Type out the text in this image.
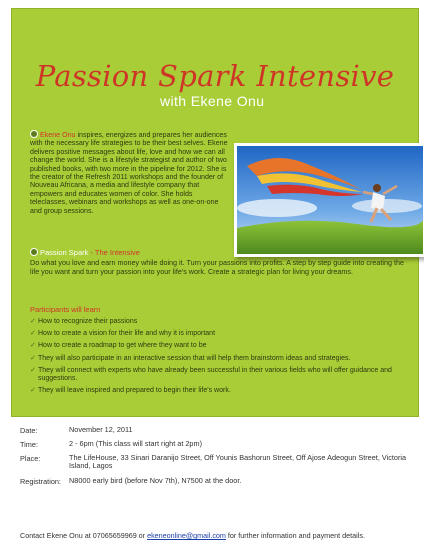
Passion Spark Intensive
with Ekene Onu
Ekene Onu inspires, energizes and prepares her audiences with the necessary life strategies to be their best selves. Ekene delivers positive messages about life, love and how we can all change the world. She is a lifestyle strategist and author of two published books, with two more in the pipeline for 2012. She is the creator of the Refresh 2011 workshops and the founder of Nouveau Africana, a media and lifestyle company that empowers and educates women of color. She holds teleclasses, webinars and workshops as well as one-on-one and group sessions.
Passion Spark - The Intensive
Do what you love and earn money while doing it. Turn your passions into profits. A step by step guide into creating the life you want and turn your passion into your life's work. Create a strategic plan for living your dreams.
Participants will learn
✓ How to recognize their passions
✓ How to create a vision for their life and why it is important
✓ How to create a roadmap to get where they want to be
✓ They will also participate in an interactive session that will help them brainstorm ideas and strategies.
✓ They will connect with experts who have already been successful in their various fields who will offer guidance and suggestions.
✓ They will leave inspired and prepared to begin their life's work.
Date:	November 12, 2011
Time:	2 - 6pm (This class will start right at 2pm)
Place:	The LifeHouse, 33 Sinari Daranijo Street, Off Younis Bashorun Street, Off Ajose Adeogun Street, Victoria Island, Lagos
Registration: N8000 early bird (before Nov 7th), N7500 at the door.
Contact Ekene Onu at 07065659969 or ekeneonline@gmail.com for further information and payment details.
